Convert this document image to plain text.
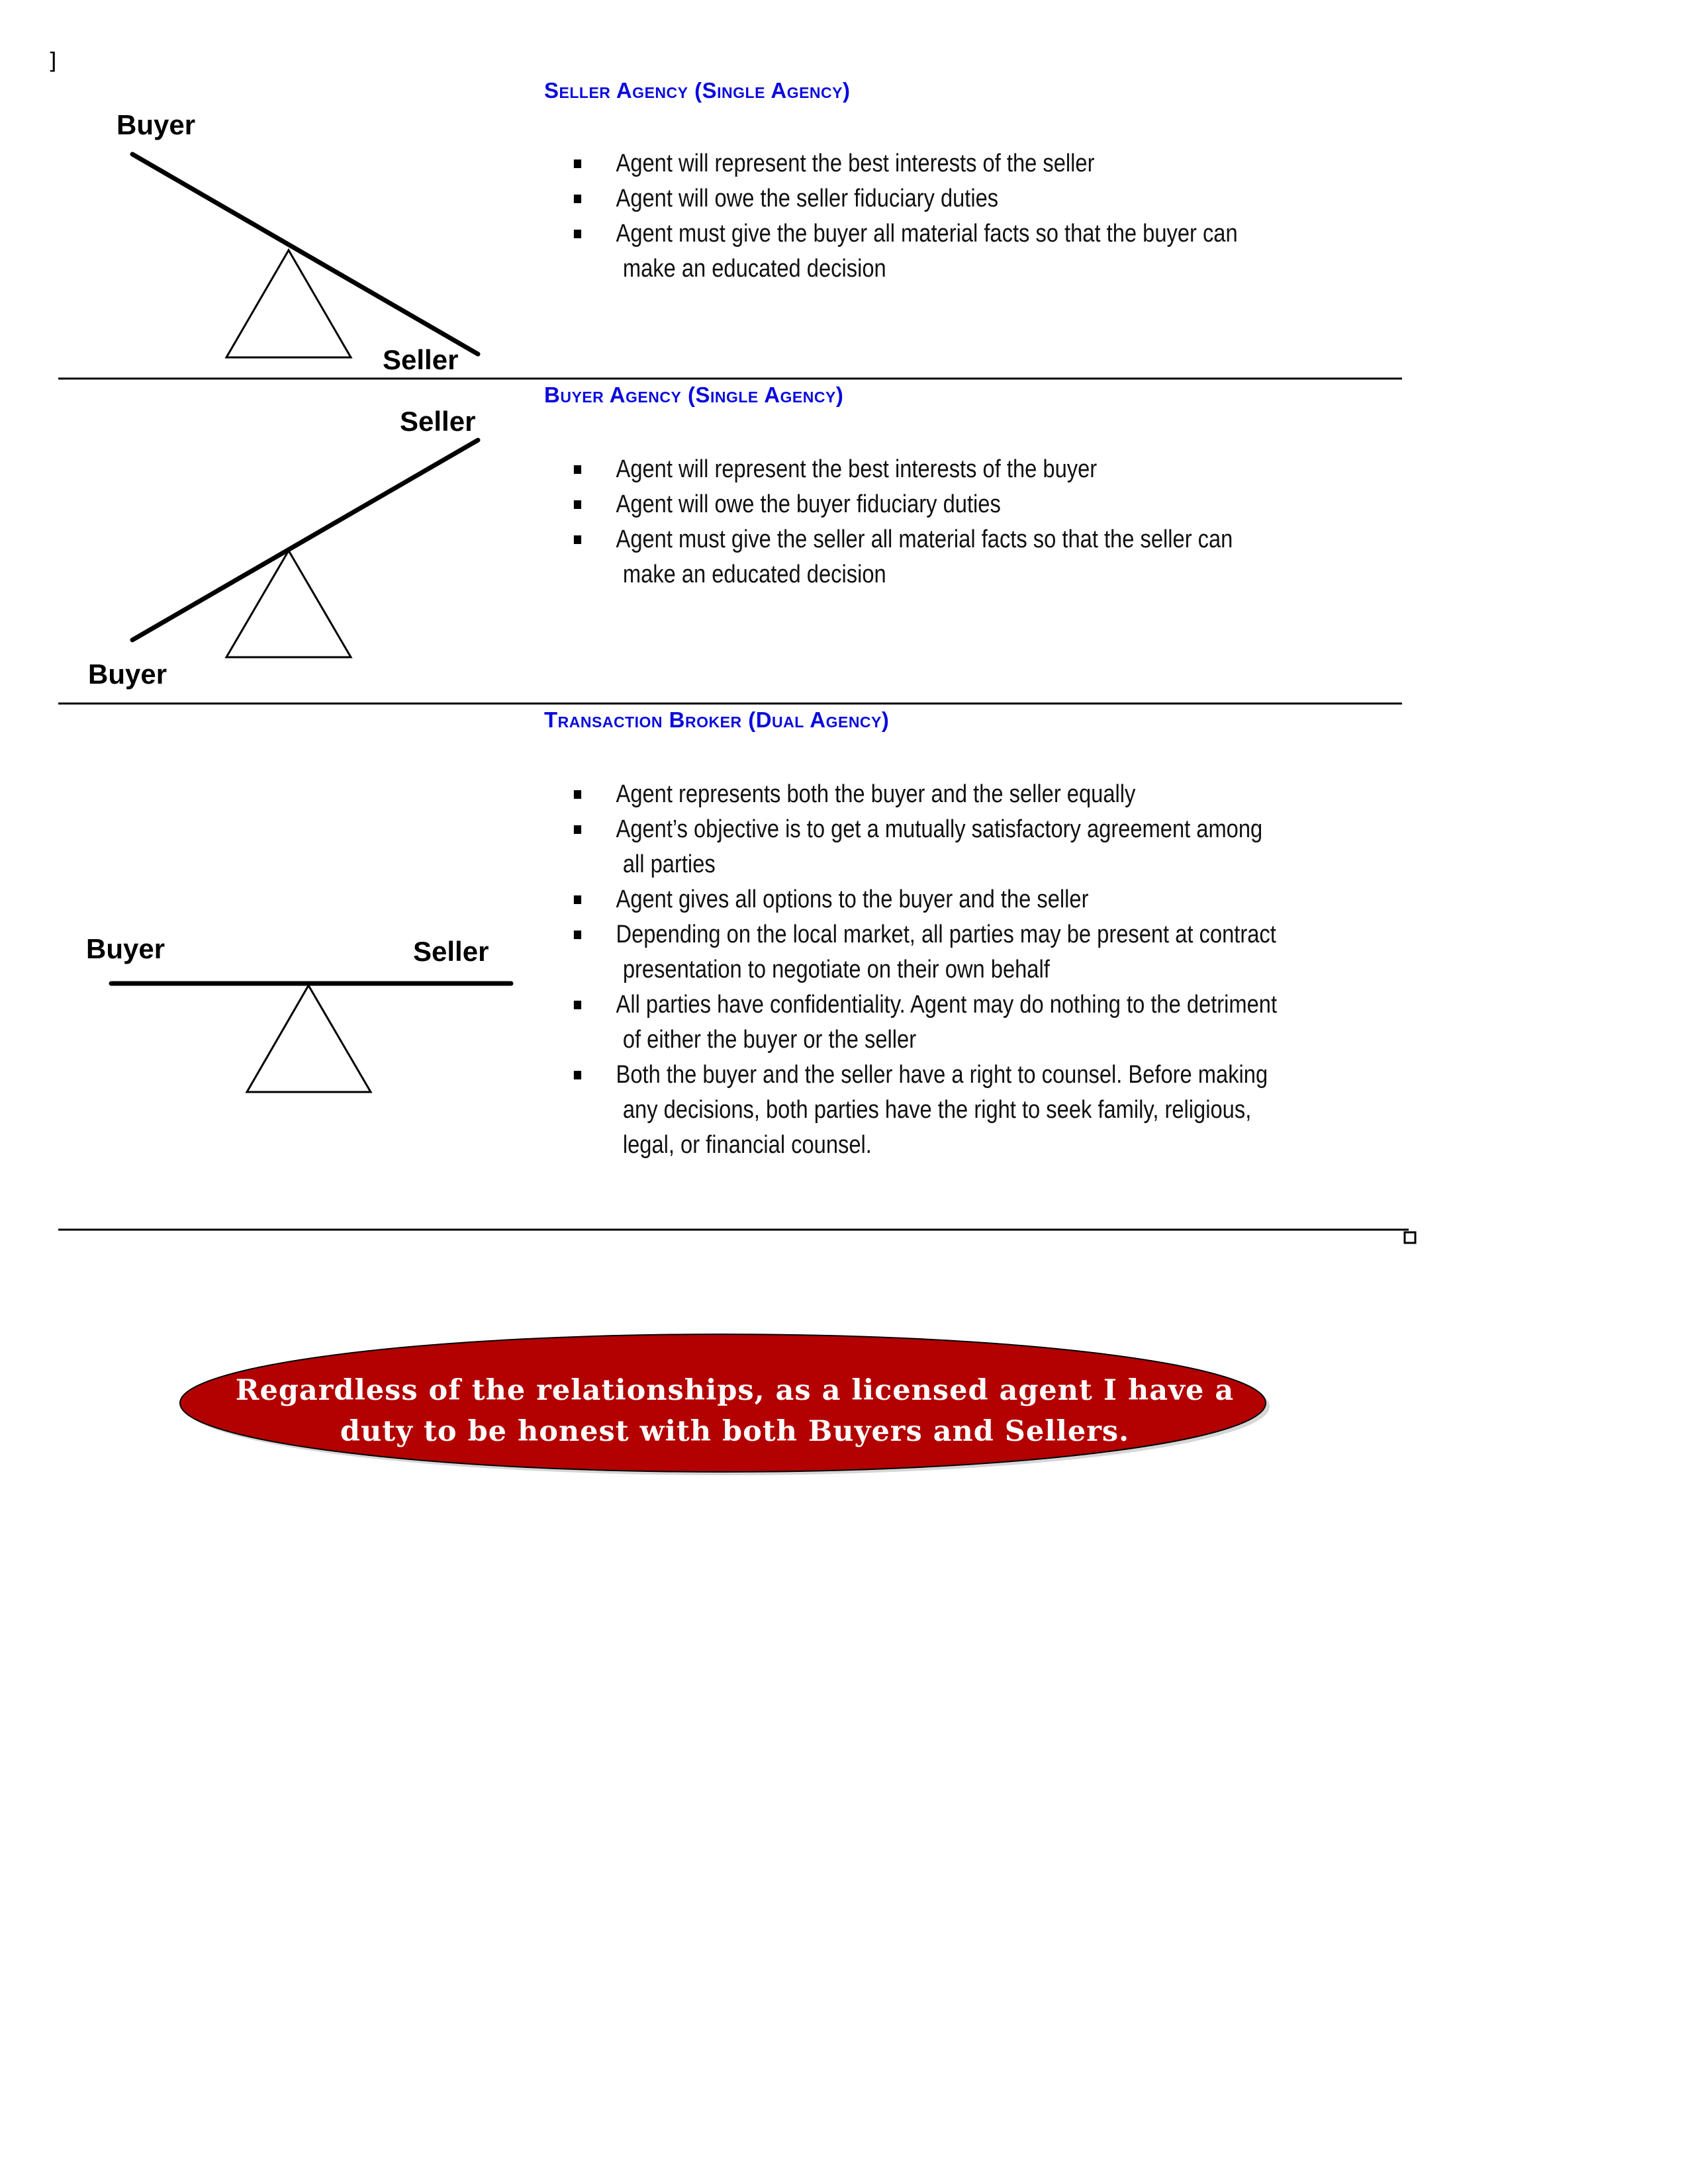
Buyer
Seller
Seller
Buyer
Buyer	Seller
]
Seller Agency (Single Agency)
Agent will represent the best interests of the seller
Agent will owe the seller fiduciary duties
Agent must give the buyer all material facts so that the buyer can
make an educated decision
Buyer Agency (Single Agency)
Agent will represent the best interests of the buyer
Agent will owe the buyer fiduciary duties
Agent must give the seller all material facts so that the seller can
make an educated decision
Transaction Broker (Dual Agency)
Agent represents both the buyer and the seller equally
Agent’s objective is to get a mutually satisfactory agreement among
all parties
Agent gives all options to the buyer and the seller
Depending on the local market, all parties may be present at contract
presentation to negotiate on their own behalf
All parties have confidentiality. Agent may do nothing to the detriment
of either the buyer or the seller
Both the buyer and the seller have a right to counsel. Before making
any decisions, both parties have the right to seek family, religious,
legal, or financial counsel.
Regardless of the relationships, as a licensed agent I have a
duty to be honest with both Buyers and Sellers.
